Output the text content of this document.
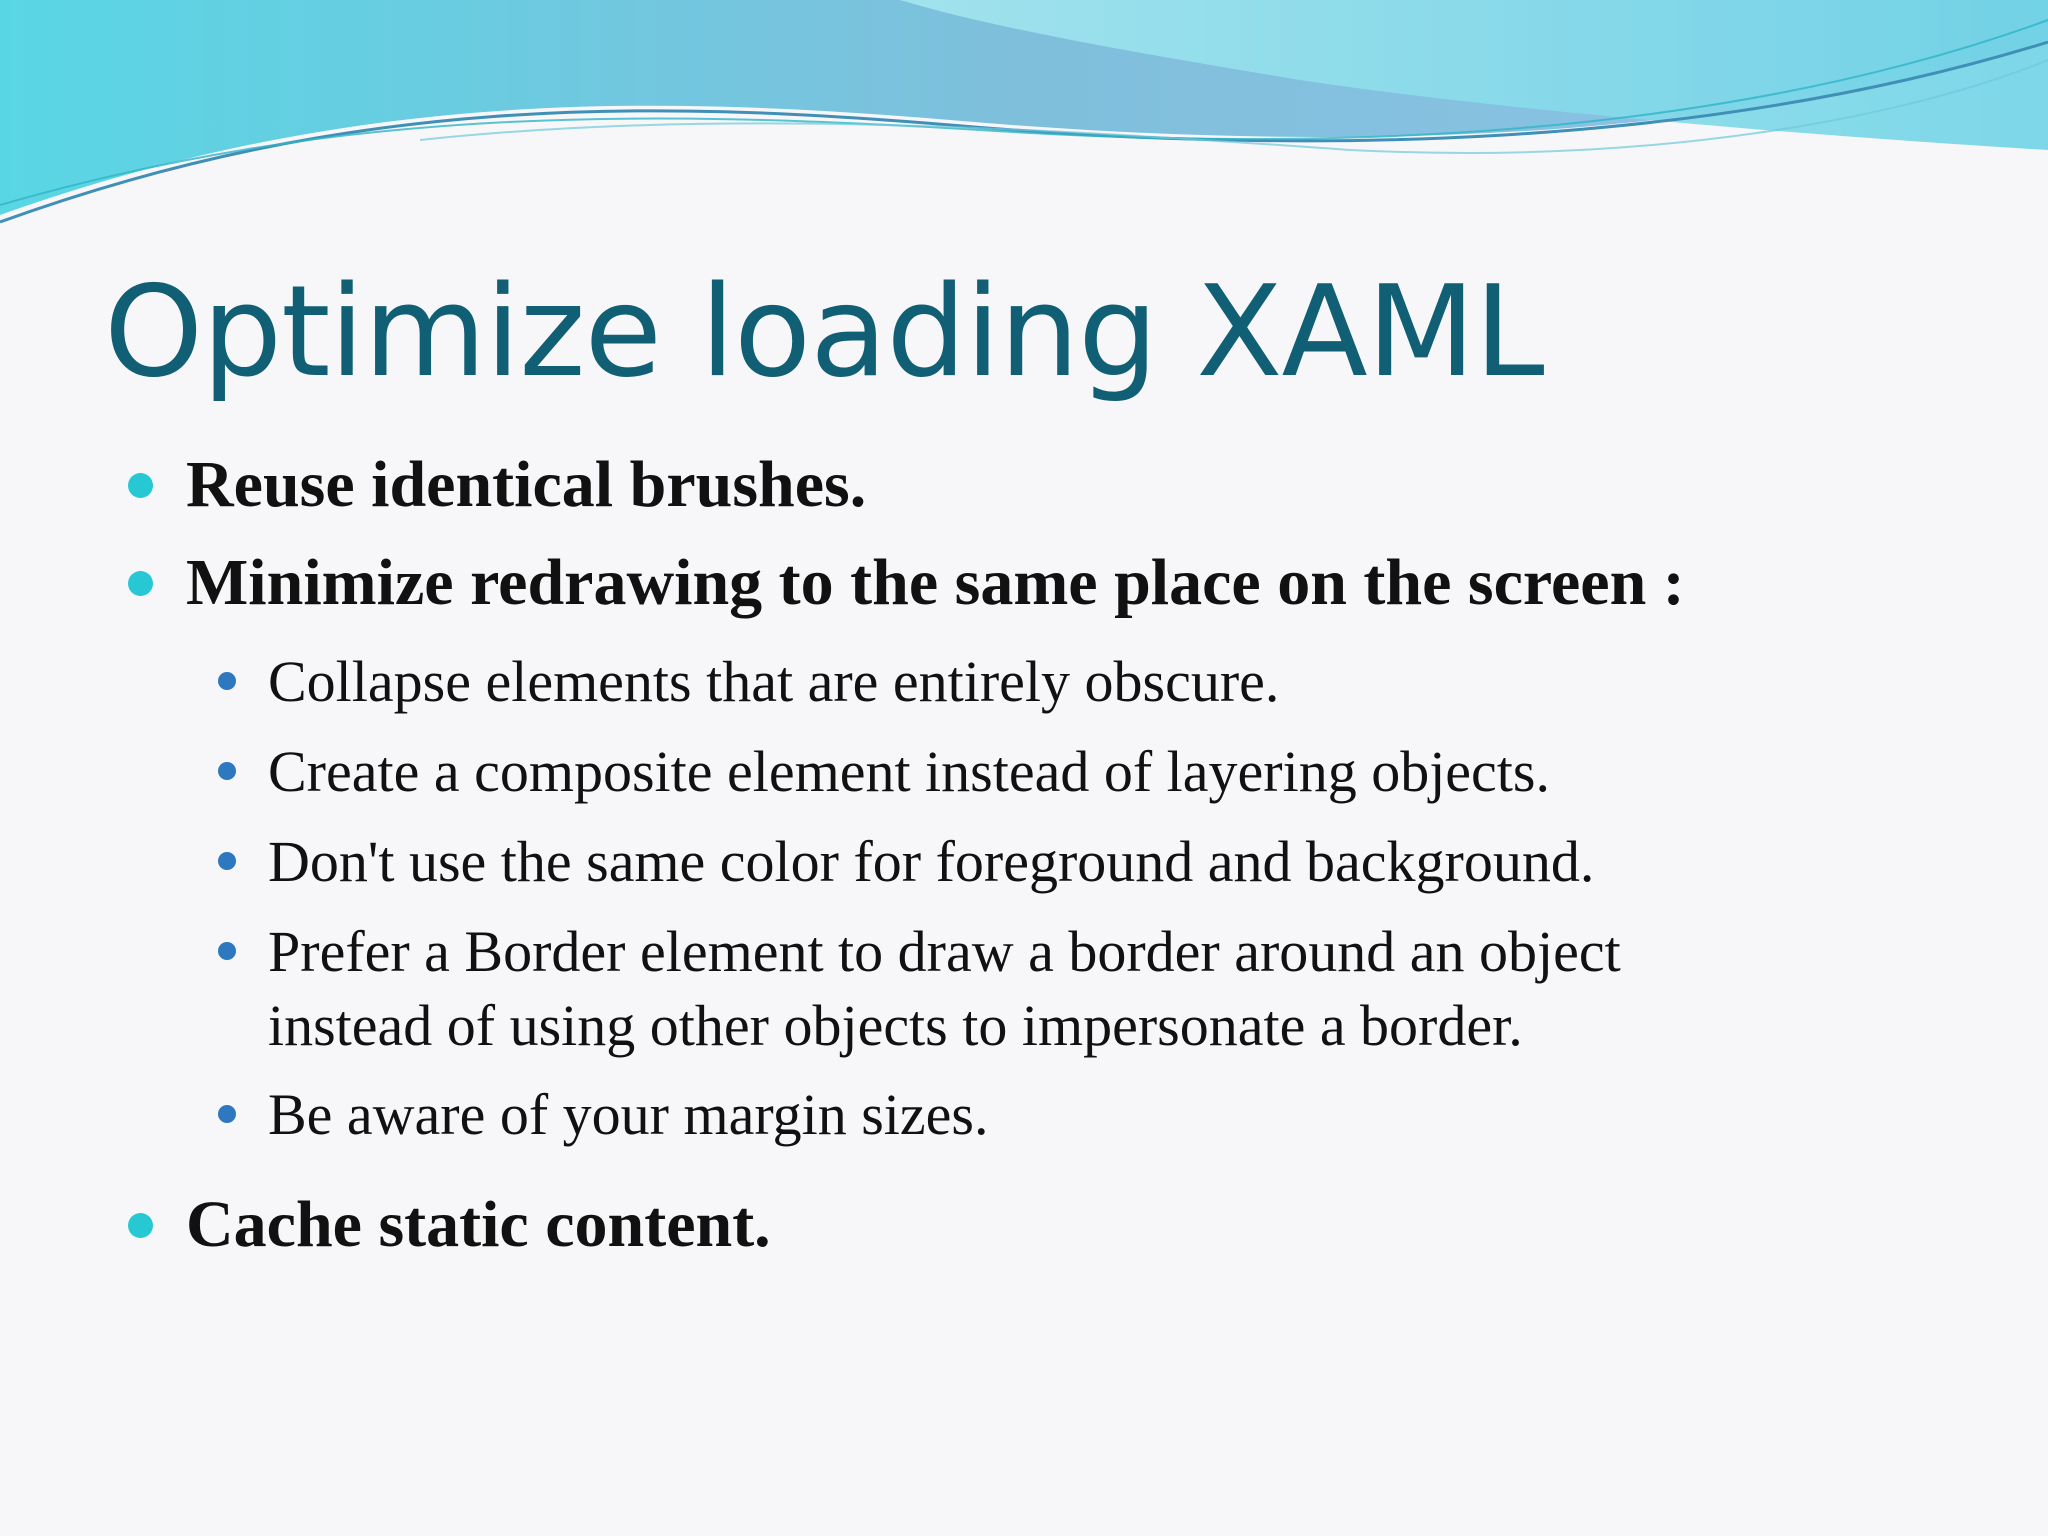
Optimize loading XAML
Reuse identical brushes.
Minimize redrawing to the same place on the screen :
Collapse elements that are entirely obscure.
Create a composite element instead of layering objects.
Don't use the same color for foreground and background.
Prefer a Border element to draw a border around an object
instead of using other objects to impersonate a border.
Be aware of your margin sizes.
Cache static content.
